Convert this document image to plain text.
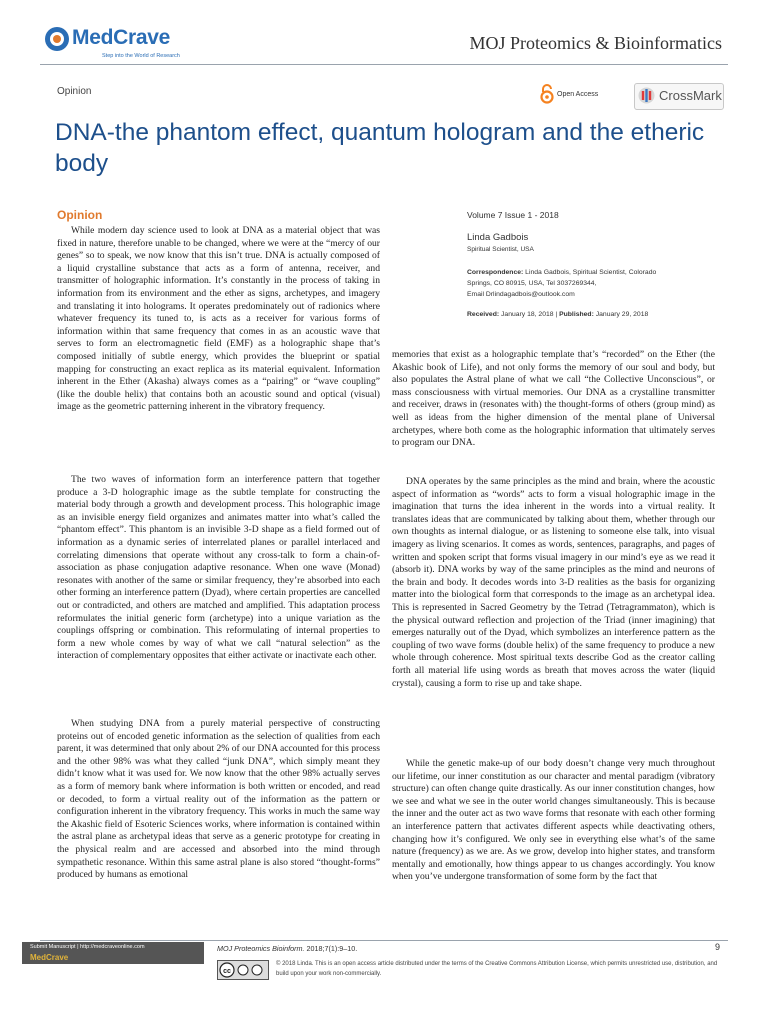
MedCrave
Step into the World of Research
MOJ Proteomics & Bioinformatics
Opinion	Open Access	CrossMark
DNA-the phantom effect, quantum hologram and the etheric body
Opinion

While modern day science used to look at DNA as a material object that was fixed in nature, therefore unable to be changed, where we were at the “mercy of our genes” so to speak, we now know that this isn’t true. DNA is actually composed of a liquid crystalline substance that acts as a form of antenna, receiver, and transmitter of holographic information. It’s constantly in the process of taking in information from its environment and the ether as signs, archetypes, and imagery and translating it into holograms. It operates predominately out of radionics where whatever frequency its tuned to, is acts as a receiver for various forms of information within that same frequency that comes in as an acoustic wave that serves to form an electromagnetic field (EMF) as a holographic shape that’s composed initially of subtle energy, which provides the blueprint or spatial mapping for constructing an exact replica as its material equivalent. Information inherent in the Ether (Akasha) always comes as a “pairing” or “wave coupling” (like the double helix) that contains both an acoustic sound and optical (visual) image as the geometric patterning inherent in the vibratory frequency.

The two waves of information form an interference pattern that together produce a 3-D holographic image as the subtle template for constructing the material body through a growth and development process. This holographic image as an invisible energy field organizes and animates matter into what’s called the “phantom effect”. This phantom is an invisible 3-D shape as a field formed out of information as a dynamic series of interrelated planes or parallel interlaced and correlating dimensions that operate without any cross-talk to form a chain-of-association as phase conjugation adaptive resonance. When one wave (Monad) resonates with another of the same or similar frequency, they’re absorbed into each other forming an interference pattern (Dyad), where certain properties are cancelled out or contradicted, and others are matched and amplified. This adaptation process reformulates the initial generic form (archetype) into a unique variation as the couplings offspring or combination. This reformulating of internal properties to form a new whole comes by way of what we call “natural selection” as the interaction of complementary opposites that either activate or inactivate each other.

When studying DNA from a purely material perspective of constructing proteins out of encoded genetic information as the selection of qualities from each parent, it was determined that only about 2% of our DNA accounted for this process and the other 98% was what they called “junk DNA”, which simply meant they didn’t know what it was used for. We now know that the other 98% actually serves as a form of memory bank where information is both written or encoded, and read or decoded, to form a virtual reality out of the information as the pattern or configuration inherent in the vibratory frequency. This works in much the same way the Akashic field of Esoteric Sciences works, where information is contained within the astral plane as archetypal ideas that serve as a generic prototype for creating in the physical realm and are accessed and absorbed into the mind through sympathetic resonance. Within this same astral plane is also stored “thought-forms” produced by humans as emotional

Volume 7 Issue 1 - 2018
Linda Gadbois
Spiritual Scientist, USA
Correspondence: Linda Gadbois, Spiritual Scientist, Colorado
Springs, CO 80915, USA, Tel 3037269344,
Email Drlindagadbois@outlook.com
Received: January 18, 2018 | Published: January 29, 2018

memories that exist as a holographic template that’s “recorded” on the Ether (the Akashic book of Life), and not only forms the memory of our soul and body, but also populates the Astral plane of what we call “the Collective Unconscious”, or mass consciousness with virtual memories. Our DNA as a crystalline transmitter and receiver, draws in (resonates with) the thought-forms of others (group mind) as well as ideas from the higher dimension of the mental plane of Universal archetypes, where both come as the holographic information that ultimately serves to program our DNA.

DNA operates by the same principles as the mind and brain, where the acoustic aspect of information as “words” acts to form a visual holographic image in the imagination that turns the idea inherent in the words into a virtual reality. It translates ideas that are communicated by talking about them, whether through our own thoughts as internal dialogue, or as listening to someone else talk, into visual imagery as living scenarios. It comes as words, sentences, paragraphs, and pages of written and spoken script that forms visual imagery in our mind’s eye as we read it (absorb it). DNA works by way of the same principles as the mind and neurons of the brain and body. It decodes words into 3-D realities as the basis for organizing matter into the biological form that corresponds to the image as an archetypal idea. This is represented in Sacred Geometry by the Tetrad (Tetragrammaton), which is the physical outward reflection and projection of the Triad (inner imagining) that emerges naturally out of the Dyad, which symbolizes an interference pattern as the coupling of two wave forms (double helix) of the same frequency to produce a new whole through coherence. Most spiritual texts describe God as the creator calling forth all material life using words as breath that moves across the water (liquid crystal), causing a form to rise up and take shape.

While the genetic make-up of our body doesn’t change very much throughout our lifetime, our inner constitution as our character and mental paradigm (vibratory structure) can often change quite drastically. As our inner constitution changes, how we see and what we see in the outer world changes simultaneously. This is because the inner and the outer act as two wave forms that resonate with each other forming an interference pattern that activates different aspects while deactivating others, changing how it’s configured. We only see in everything else what’s of the same nature (frequency) as we are. As we grow, develop into higher states, and transform mentally and emotionally, how things appear to us changes accordingly. You know when you’ve undergone transformation of some form by the fact that

Submit Manuscript | http://medcraveonline.com
MedCrave
MOJ Proteomics Bioinform. 2018;7(1):9‒10.	9
cc
© 2018 Linda. This is an open access article distributed under the terms of the Creative Commons Attribution License, which permits unrestricted use, distribution, and build upon your work non-commercially.
